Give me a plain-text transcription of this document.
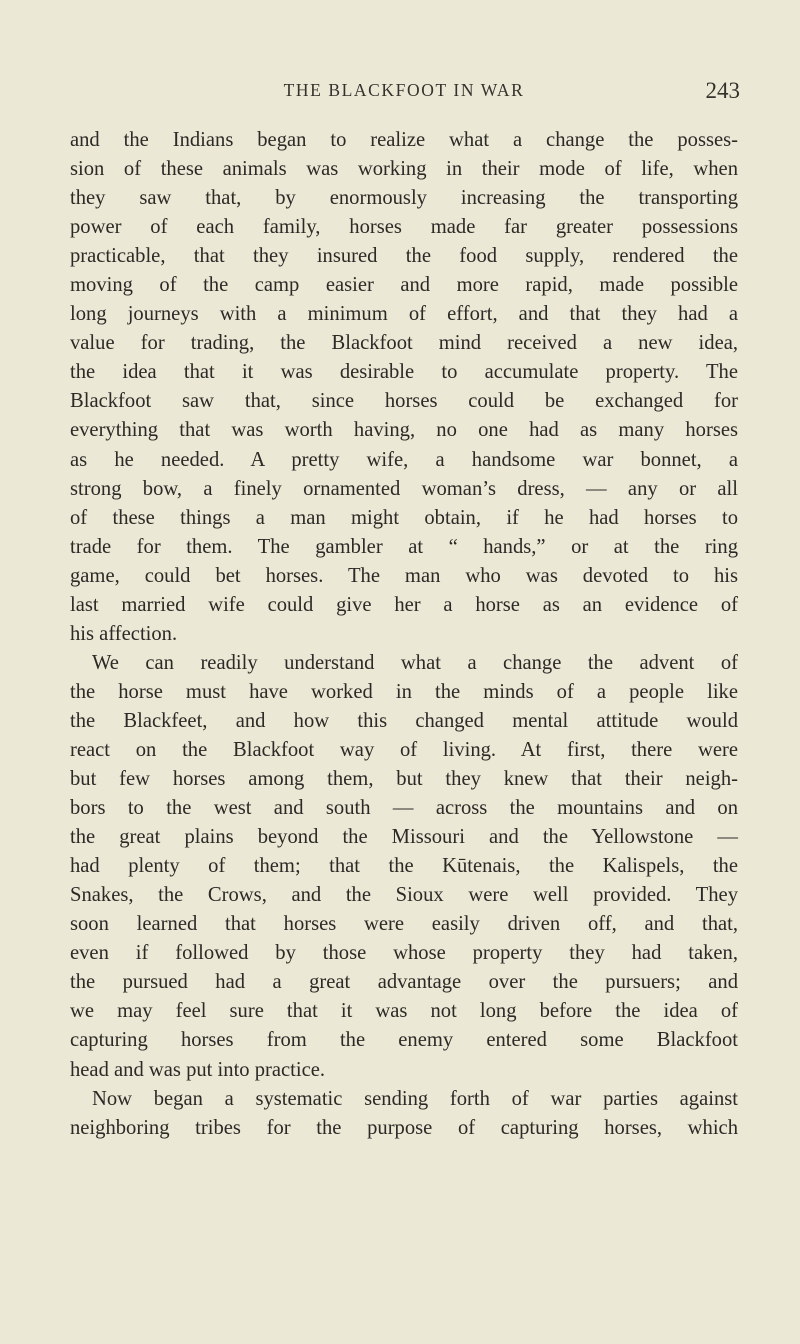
THE BLACKFOOT IN WAR	243
and the Indians began to realize what a change the posses-
sion of these animals was working in their mode of life, when
they saw that, by enormously increasing the transporting
power of each family, horses made far greater possessions
practicable, that they insured the food supply, rendered the
moving of the camp easier and more rapid, made possible
long journeys with a minimum of effort, and that they had a
value for trading, the Blackfoot mind received a new idea,
the idea that it was desirable to accumulate property. The
Blackfoot saw that, since horses could be exchanged for
everything that was worth having, no one had as many horses
as he needed. A pretty wife, a handsome war bonnet, a
strong bow, a finely ornamented woman’s dress, — any or all
of these things a man might obtain, if he had horses to
trade for them. The gambler at “ hands,” or at the ring
game, could bet horses. The man who was devoted to his
last married wife could give her a horse as an evidence of
his affection.
We can readily understand what a change the advent of
the horse must have worked in the minds of a people like
the Blackfeet, and how this changed mental attitude would
react on the Blackfoot way of living. At first, there were
but few horses among them, but they knew that their neigh-
bors to the west and south — across the mountains and on
the great plains beyond the Missouri and the Yellowstone —
had plenty of them; that the Kūtenais, the Kalispels, the
Snakes, the Crows, and the Sioux were well provided. They
soon learned that horses were easily driven off, and that,
even if followed by those whose property they had taken,
the pursued had a great advantage over the pursuers; and
we may feel sure that it was not long before the idea of
capturing horses from the enemy entered some Blackfoot
head and was put into practice.
Now began a systematic sending forth of war parties against
neighboring tribes for the purpose of capturing horses, which
